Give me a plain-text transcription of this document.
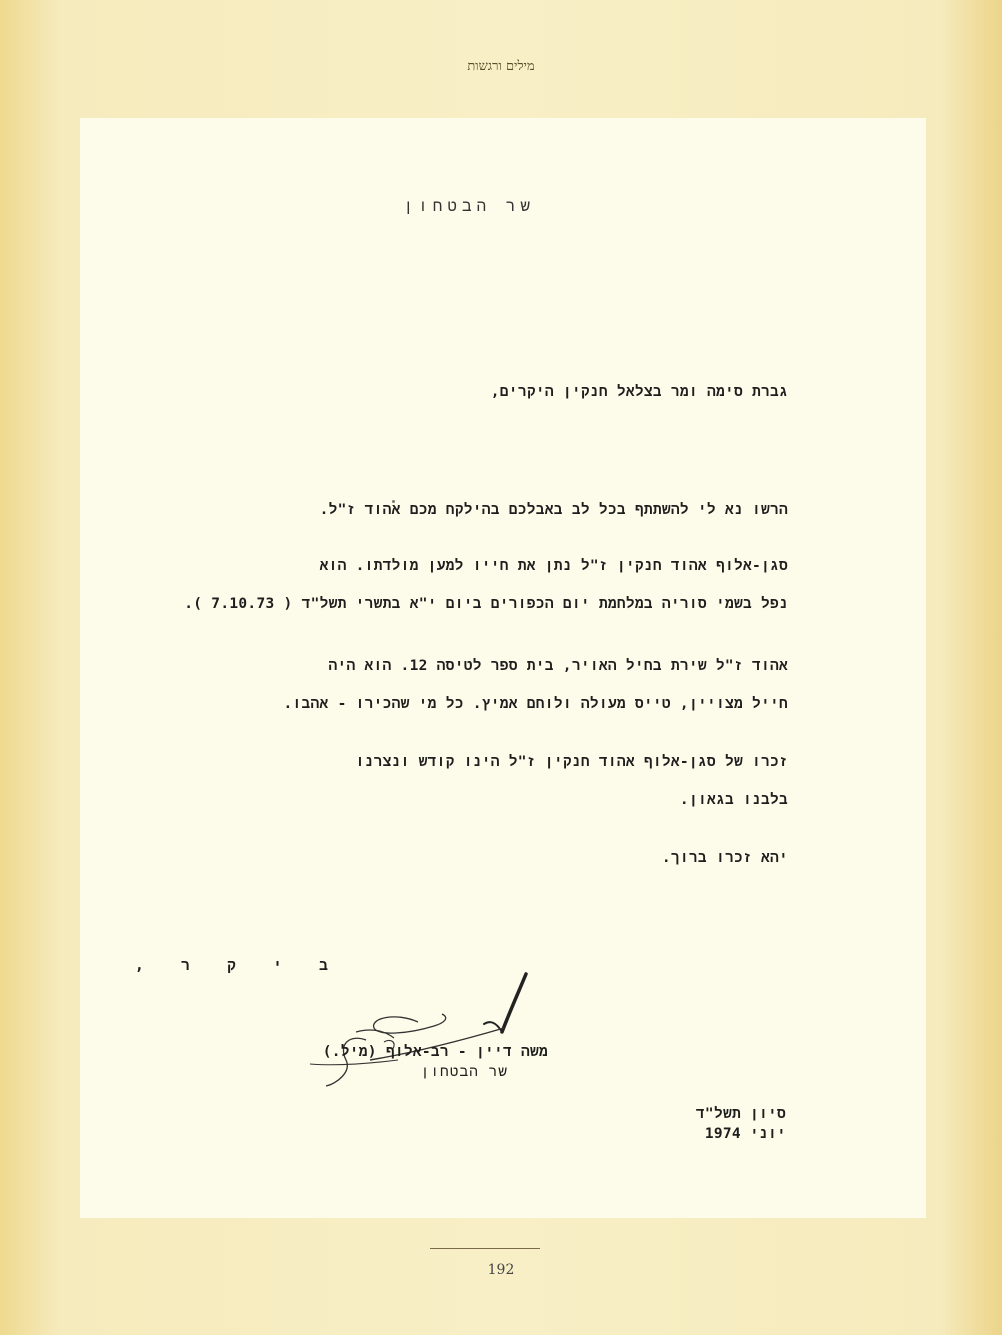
מילים ורגשות
שר הבטחון
גברת סימה ומר בצלאל חנקין היקרים,
הרשו נא לי להשתתף בכל לב באבלכם בהילקח מכם אהוד ז"ל.
סגן-אלוף אהוד חנקין ז"ל נתן את חייו למען מולדתו. הוא
נפל בשמי סוריה במלחמת יום הכפורים ביום י"א בתשרי תשל"ד ( 7.10.73 ).
אהוד ז"ל שירת בחיל האויר, בית ספר לטיסה 12. הוא היה
חייל מצויין, טייס מעולה ולוחם אמיץ. כל מי שהכירו - אהבו.
זכרו של סגן-אלוף אהוד חנקין ז"ל הינו קודש ונצרנו
בלבנו בגאון.
יהא זכרו ברוך.
ב י ק ר ,
משה דיין - רב-אלוף (מיל.)
שר הבטחון
סיון תשל"ד
יוני 1974
192
